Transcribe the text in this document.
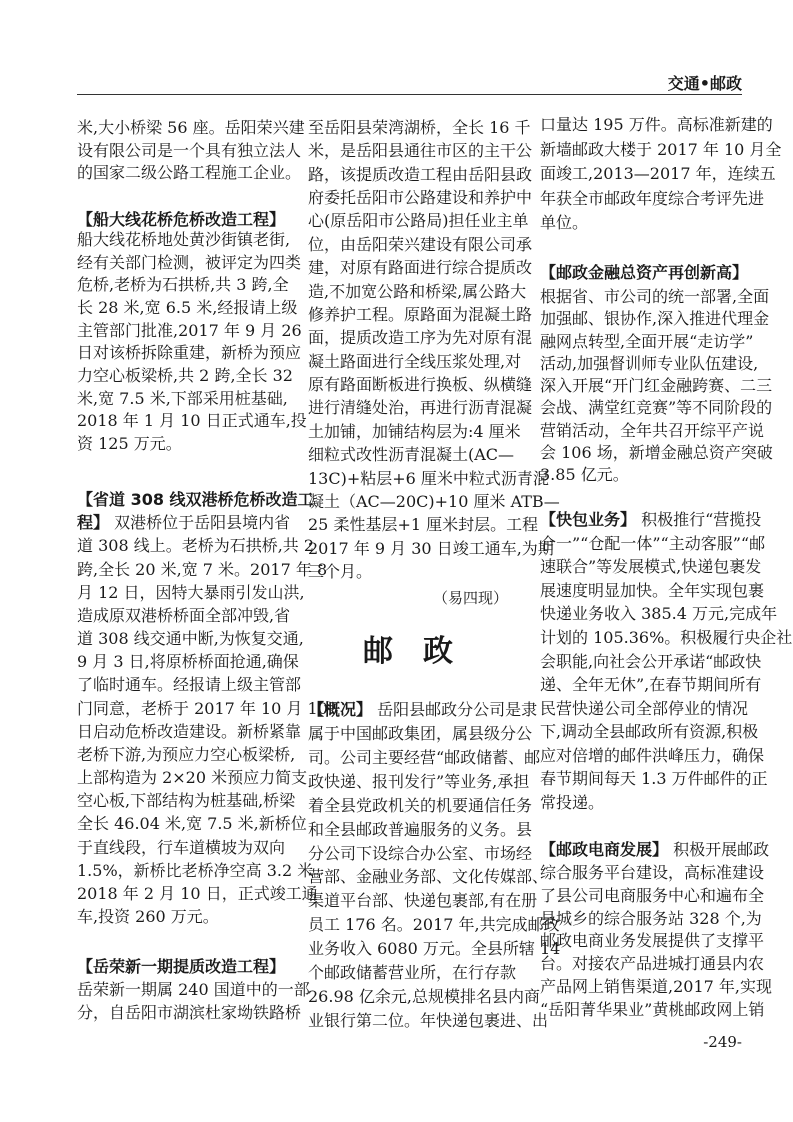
交通•邮政
米,大小桥梁 56 座。岳阳荣兴建
设有限公司是一个具有独立法人
的国家二级公路工程施工企业。
【船大线花桥危桥改造工程】
船大线花桥地处黄沙街镇老街,
经有关部门检测，被评定为四类
危桥,老桥为石拱桥,共 3 跨,全
长 28 米,宽 6.5 米,经报请上级
主管部门批准,2017 年 9 月 26
日对该桥拆除重建，新桥为预应
力空心板梁桥,共 2 跨,全长 32
米,宽 7.5 米,下部采用桩基础,
2018 年 1 月 10 日正式通车,投
资 125 万元。
【省道 308 线双港桥危桥改造工
程】 双港桥位于岳阳县境内省
道 308 线上。老桥为石拱桥,共 2
跨,全长 20 米,宽 7 米。2017 年 8
月 12 日，因特大暴雨引发山洪,
造成原双港桥桥面全部冲毁,省
道 308 线交通中断,为恢复交通,
9 月 3 日,将原桥桥面抢通,确保
了临时通车。经报请上级主管部
门同意，老桥于 2017 年 10 月 10
日启动危桥改造建设。新桥紧靠
老桥下游,为预应力空心板梁桥,
上部构造为 2×20 米预应力简支
空心板,下部结构为桩基础,桥梁
全长 46.04 米,宽 7.5 米,新桥位
于直线段，行车道横坡为双向
1.5%，新桥比老桥净空高 3.2 米。
2018 年 2 月 10 日，正式竣工通
车,投资 260 万元。
【岳荣新一期提质改造工程】
岳荣新一期属 240 国道中的一部
分，自岳阳市湖滨杜家坳铁路桥
至岳阳县荣湾湖桥，全长 16 千
米，是岳阳县通往市区的主干公
路，该提质改造工程由岳阳县政
府委托岳阳市公路建设和养护中
心(原岳阳市公路局)担任业主单
位，由岳阳荣兴建设有限公司承
建，对原有路面进行综合提质改
造,不加宽公路和桥梁,属公路大
修养护工程。原路面为混凝土路
面，提质改造工序为先对原有混
凝土路面进行全线压浆处理,对
原有路面断板进行换板、纵横缝
进行清缝处治，再进行沥青混凝
土加铺，加铺结构层为:4 厘米
细粒式改性沥青混凝土(AC—
13C)+粘层+6 厘米中粒式沥青混
凝土（AC—20C)+10 厘米 ATB—
25 柔性基层+1 厘米封层。工程
2017 年 9 月 30 日竣工通车,为期
三个月。
（易四现）
邮　政
【概况】 岳阳县邮政分公司是隶
属于中国邮政集团，属县级分公
司。公司主要经营“邮政储蓄、邮
政快递、报刊发行”等业务,承担
着全县党政机关的机要通信任务
和全县邮政普遍服务的义务。县
分公司下设综合办公室、市场经
营部、金融业务部、文化传媒部、
渠道平台部、快递包裹部,有在册
员工 176 名。2017 年,共完成邮政
业务收入 6080 万元。全县所辖 14
个邮政储蓄营业所，在行存款
26.98 亿余元,总规模排名县内商
业银行第二位。年快递包裹进、出
口量达 195 万件。高标准新建的
新墙邮政大楼于 2017 年 10 月全
面竣工,2013—2017 年，连续五
年获全市邮政年度综合考评先进
单位。
【邮政金融总资产再创新高】
根据省、市公司的统一部署,全面
加强邮、银协作,深入推进代理金
融网点转型,全面开展“走访学”
活动,加强督训师专业队伍建设,
深入开展“开门红金融跨赛、二三
会战、满堂红竞赛”等不同阶段的
营销活动，全年共召开综平产说
会 106 场，新增金融总资产突破
3.85 亿元。
【快包业务】 积极推行“营揽投
合一”“仓配一体”“主动客服”“邮
速联合”等发展模式,快递包裹发
展速度明显加快。全年实现包裹
快递业务收入 385.4 万元,完成年
计划的 105.36%。积极履行央企社
会职能,向社会公开承诺“邮政快
递、全年无休”,在春节期间所有
民营快递公司全部停业的情况
下,调动全县邮政所有资源,积极
应对倍增的邮件洪峰压力，确保
春节期间每天 1.3 万件邮件的正
常投递。
【邮政电商发展】 积极开展邮政
综合服务平台建设，高标准建设
了县公司电商服务中心和遍布全
县城乡的综合服务站 328 个,为
邮政电商业务发展提供了支撑平
台。对接农产品进城打通县内农
产品网上销售渠道,2017 年,实现
“岳阳菁华果业”黄桃邮政网上销
-249-
